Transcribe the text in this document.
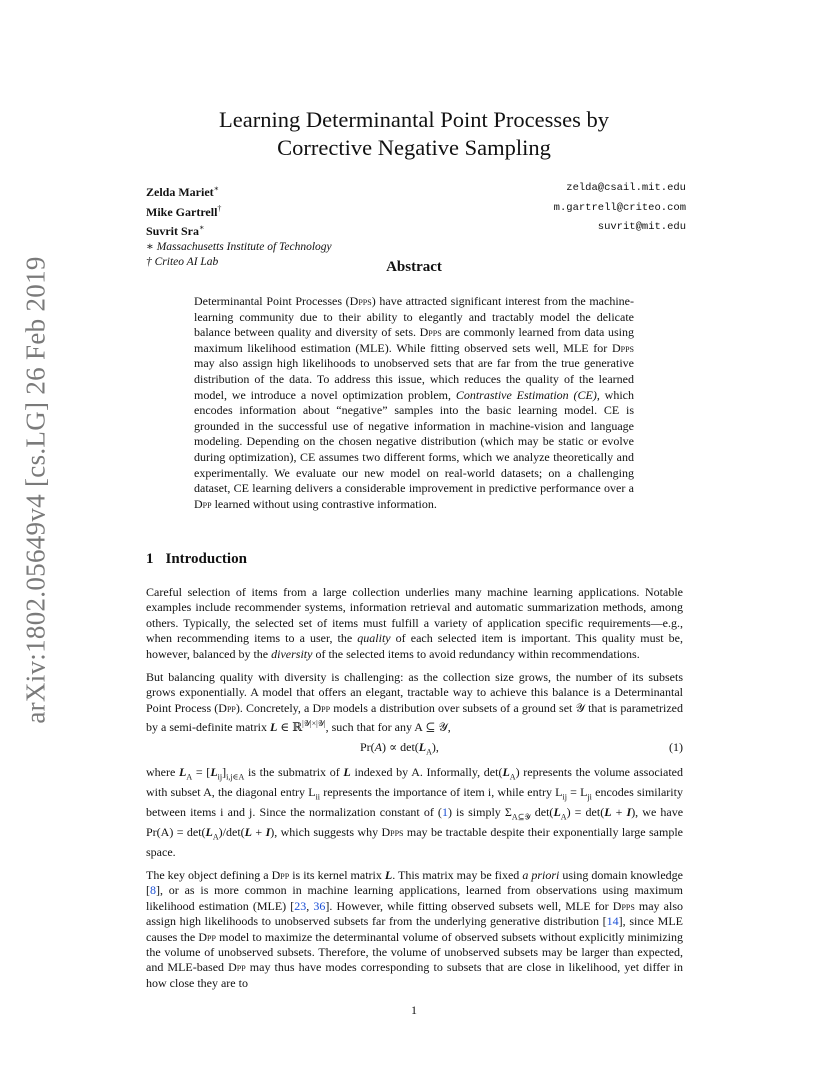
arXiv:1802.05649v4 [cs.LG] 26 Feb 2019
Learning Determinantal Point Processes by
Corrective Negative Sampling
Zelda Mariet∗	zelda@csail.mit.edu
Mike Gartrell†	m.gartrell@criteo.com
Suvrit Sra∗	suvrit@mit.edu
∗ Massachusetts Institute of Technology
† Criteo AI Lab	Abstract
Determinantal Point Processes (Dpps) have attracted significant interest from the machine-learning community due to their ability to elegantly and tractably model the delicate balance between quality and diversity of sets. Dpps are commonly learned from data using maximum likelihood estimation (MLE). While fitting observed sets well, MLE for Dpps may also assign high likelihoods to unobserved sets that are far from the true generative distribution of the data. To address this issue, which reduces the quality of the learned model, we introduce a novel optimization problem, Contrastive Estimation (CE), which encodes information about “negative” samples into the basic learning model. CE is grounded in the successful use of negative information in machine-vision and language modeling. Depending on the chosen negative distribution (which may be static or evolve during optimization), CE assumes two different forms, which we analyze theoretically and experimentally. We evaluate our new model on real-world datasets; on a challenging dataset, CE learning delivers a considerable improvement in predictive performance over a Dpp learned without using contrastive information.
1 Introduction

Careful selection of items from a large collection underlies many machine learning applications. Notable examples include recommender systems, information retrieval and automatic summarization methods, among others. Typically, the selected set of items must fulfill a variety of application specific requirements—e.g., when recommending items to a user, the quality of each selected item is important. This quality must be, however, balanced by the diversity of the selected items to avoid redundancy within recommendations.

But balancing quality with diversity is challenging: as the collection size grows, the number of its subsets grows exponentially. A model that offers an elegant, tractable way to achieve this balance is a Determinantal Point Process (Dpp). Concretely, a Dpp models a distribution over subsets of a ground set 𝒴 that is parametrized by a semi-definite matrix L ∈ ℝ$^{|𝒴|\times|𝒴|}$, such that for any A ⊆ 𝒴,

$Pr(A) \propto \det(L_A)$,	(1)

where $L_A = [L_{ij}]_{i,j\in A}$ is the submatrix of L indexed by A. Informally, $\det(L_A)$ represents the volume associated with subset A, the diagonal entry $L_{ii}$ represents the importance of item i, while entry $L_{ij} = L_{ji}$ encodes similarity between items i and j. Since the normalization constant of (1) is simply $\Sigma_{A⊆𝒴}$ $\det(L_A) = \det(L + I)$, we have $Pr(A) = \det(L_A)/\det(L + I)$, which suggests why Dpps may be tractable despite their exponentially large sample space.

The key object defining a Dpp is its kernel matrix L. This matrix may be fixed a priori using domain knowledge [8], or as is more common in machine learning applications, learned from observations using maximum likelihood estimation (MLE) [23, 36]. However, while fitting observed subsets well, MLE for Dpps may also assign high likelihoods to unobserved subsets far from the underlying generative distribution [14], since MLE causes the Dpp model to maximize the determinantal volume of observed subsets without explicitly minimizing the volume of unobserved subsets. Therefore, the volume of unobserved subsets may be larger than expected, and MLE-based Dpp may thus have modes corresponding to subsets that are close in likelihood, yet differ in how close they are to

1
